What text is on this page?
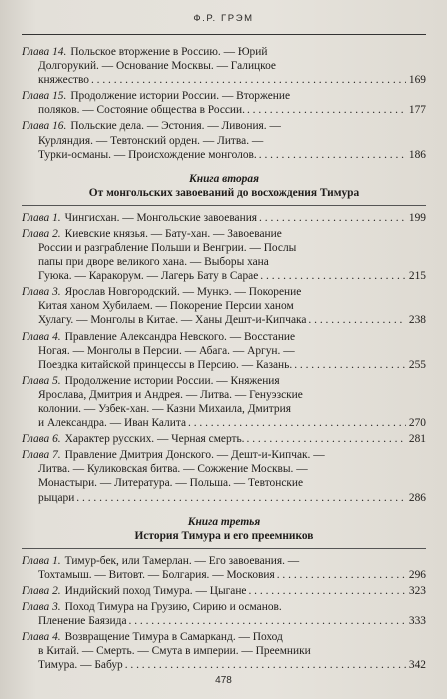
Ф.Р. ГРЭМ
Глава 14. Польское вторжение в Россию. — Юрий
Долгорукий. — Основание Москвы. — Галицкое
княжество . . .	169
Глава 15. Продолжение истории России. — Вторжение
поляков. — Состояние общества в России. . . .	177
Глава 16. Польские дела. — Эстония. — Ливония. —
Курляндия. — Тевтонский орден. — Литва. —
Турки-османы. — Происхождение монголов. . . .	186
Книга вторая
От монгольских завоеваний до восхождения Тимура
Глава 1. Чингисхан. — Монгольские завоевания . . .	199
Глава 2. Киевские князья. — Бату-хан. — Завоевание
России и разграбление Польши и Венгрии. — Послы
папы при дворе великого хана. — Выборы хана
Гуюка. — Каракорум. — Лагерь Бату в Сарае . . .	215
Глава 3. Ярослав Новгородский. — Мункэ. — Покорение
Китая ханом Хубилаем. — Покорение Персии ханом
Хулагу. — Монголы в Китае. — Ханы Дешт-и-Кипчака . . .	238
Глава 4. Правление Александра Невского. — Восстание
Ногая. — Монголы в Персии. — Абага. — Аргун. —
Поездка китайской принцессы в Персию. — Казань. . . .	255
Глава 5. Продолжение истории России. — Княжения
Ярослава, Дмитрия и Андрея. — Литва. — Генуэзские
колонии. — Узбек-хан. — Казни Михаила, Дмитрия
и Александра. — Иван Калита . . .	270
Глава 6. Характер русских. — Черная смерть. . . .	281
Глава 7. Правление Дмитрия Донского. — Дешт-и-Кипчак. —
Литва. — Куликовская битва. — Сожжение Москвы. —
Монастыри. — Литература. — Польша. — Тевтонские
рыцари . . .	286
Книга третья
История Тимура и его преемников
Глава 1. Тимур-бек, или Тамерлан. — Его завоевания. —
Тохтамыш. — Витовт. — Болгария. — Московия . . .	296
Глава 2. Индийский поход Тимура. — Цыгане . . .	323
Глава 3. Поход Тимура на Грузию, Сирию и османов.
Пленение Баязида . . .	333
Глава 4. Возвращение Тимура в Самарканд. — Поход
в Китай. — Смерть. — Смута в империи. — Преемники
Тимура. — Бабур . . .	342
478
